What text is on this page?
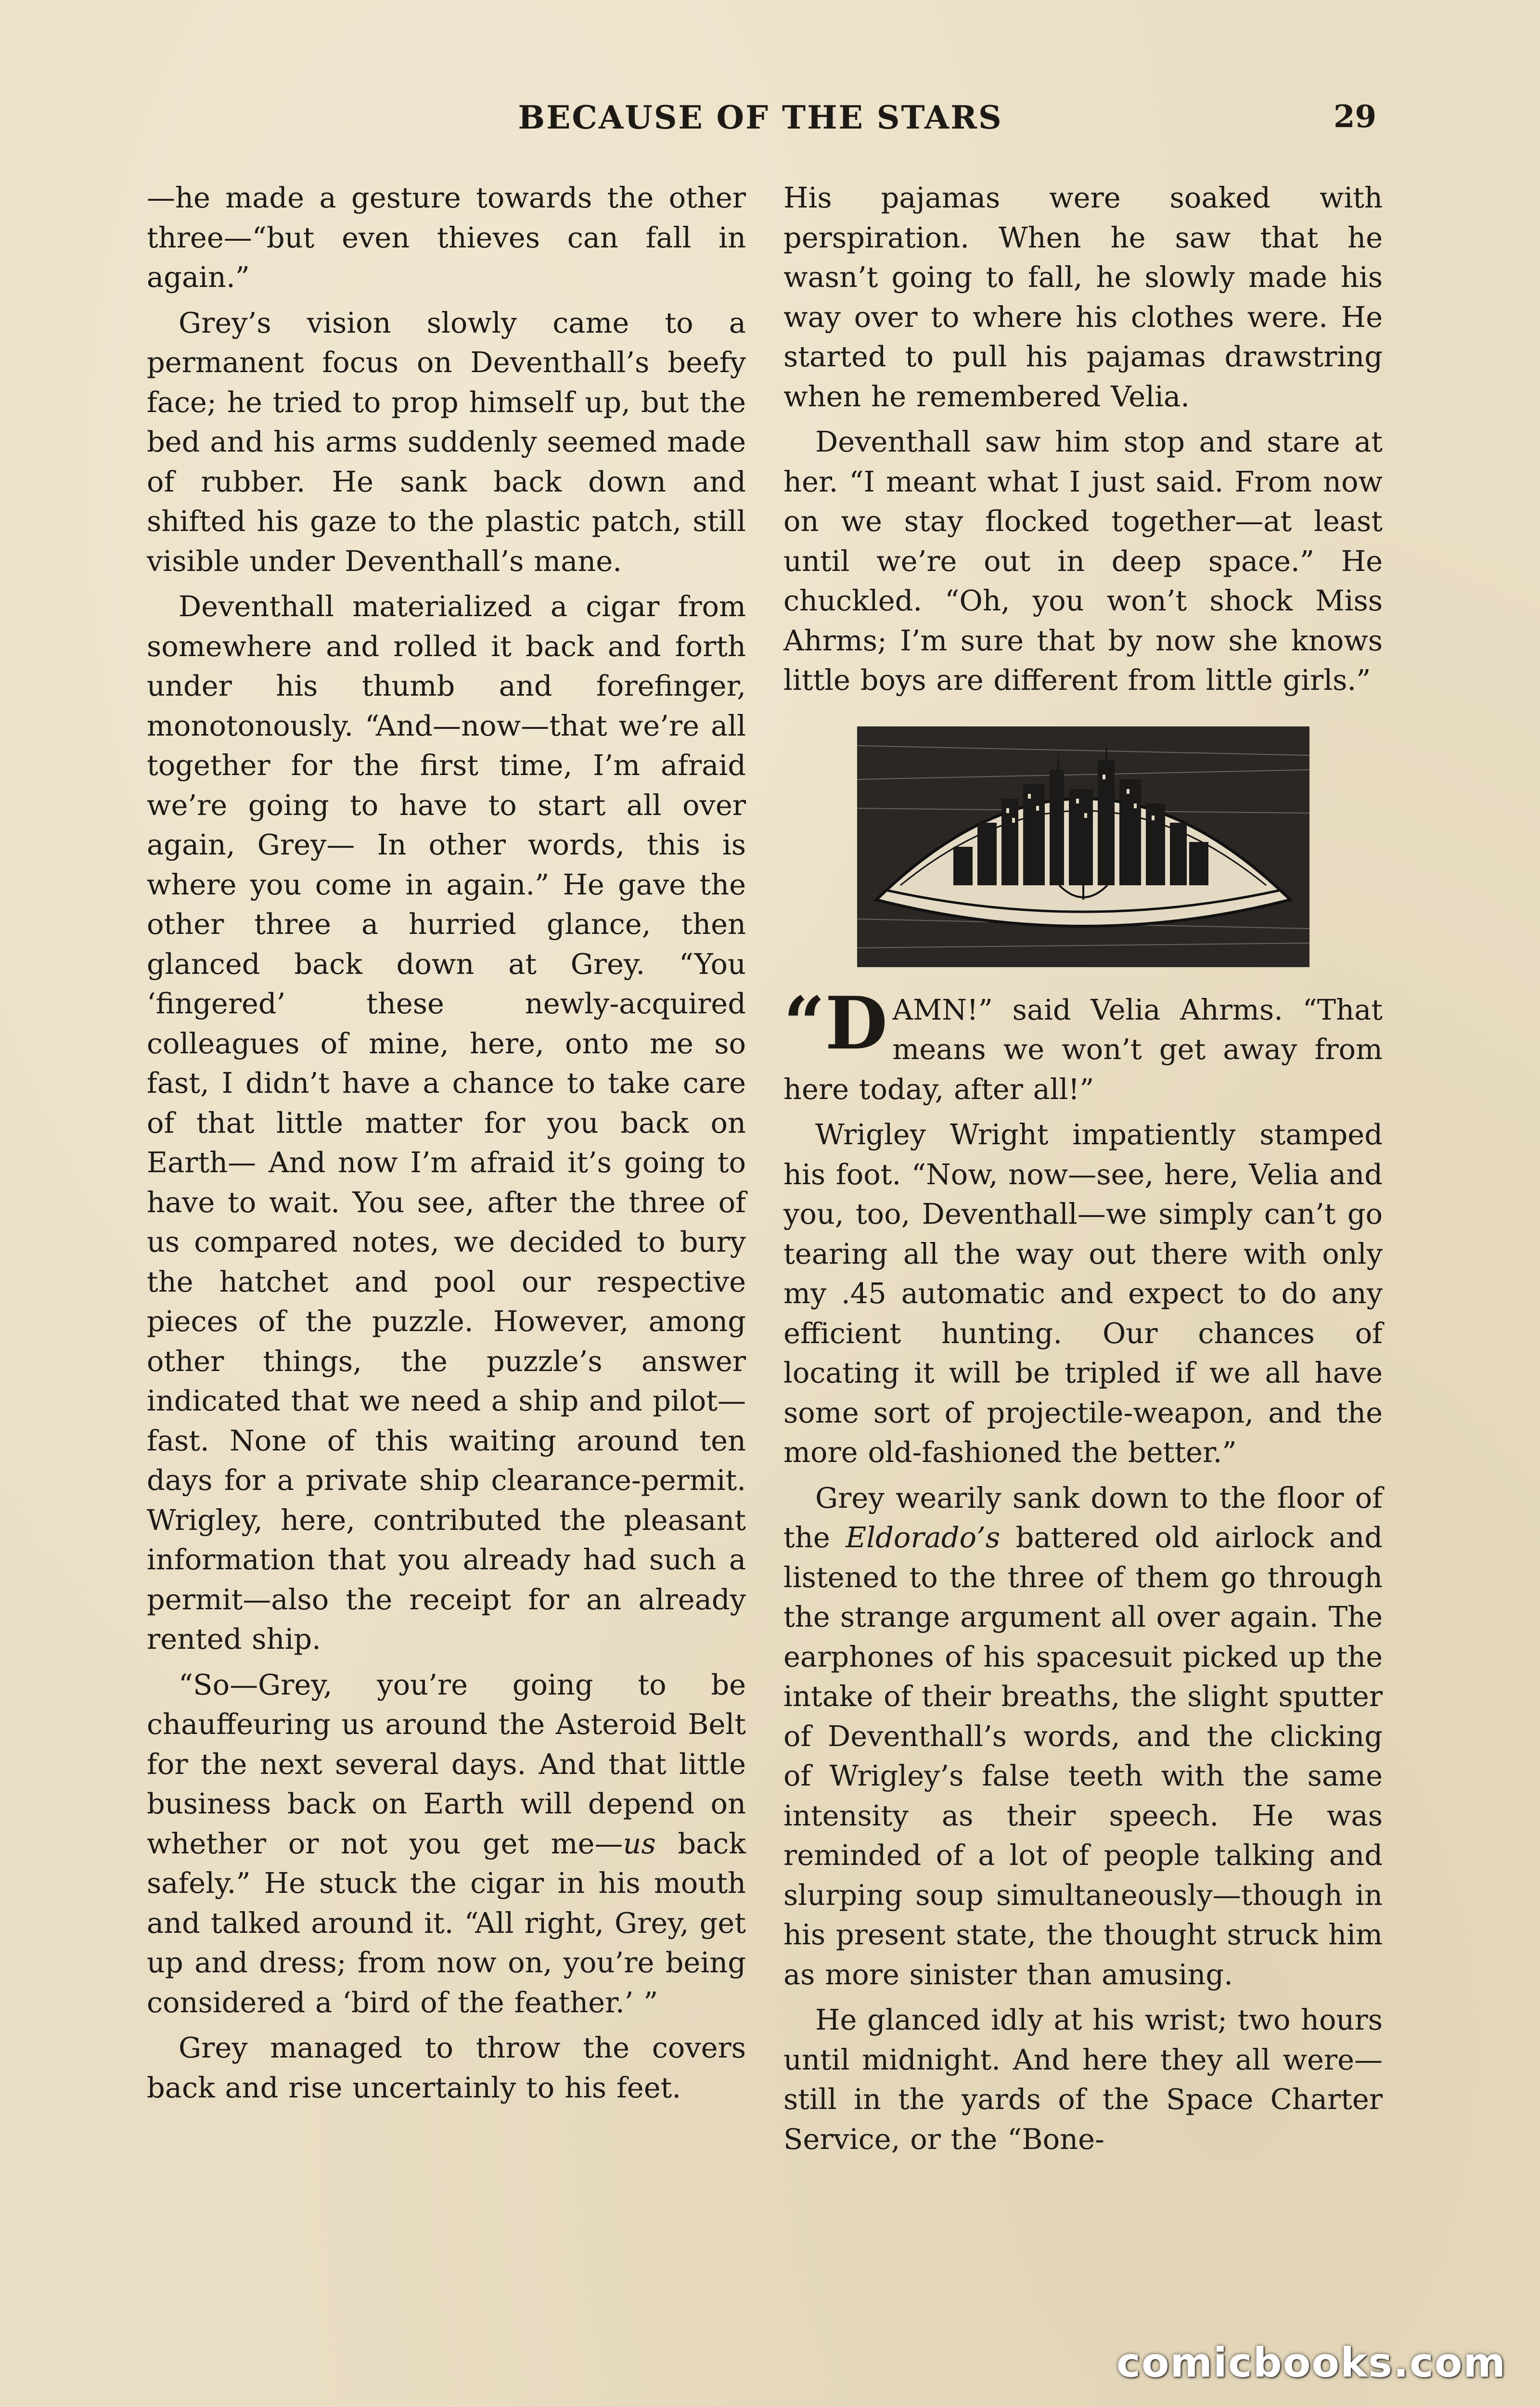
BECAUSE OF THE STARS	29

—he made a gesture towards the other three—“but even thieves can fall in again.”

Grey’s vision slowly came to a permanent focus on Deventhall’s beefy face; he tried to prop himself up, but the bed and his arms suddenly seemed made of rubber. He sank back down and shifted his gaze to the plastic patch, still visible under Deventhall’s mane.

Deventhall materialized a cigar from somewhere and rolled it back and forth under his thumb and forefinger, monotonously. “And—now—that we’re all together for the first time, I’m afraid we’re going to have to start all over again, Grey— In other words, this is where you come in again.” He gave the other three a hurried glance, then glanced back down at Grey. “You ‘fingered’ these newly-acquired colleagues of mine, here, onto me so fast, I didn’t have a chance to take care of that little matter for you back on Earth— And now I’m afraid it’s going to have to wait. You see, after the three of us compared notes, we decided to bury the hatchet and pool our respective pieces of the puzzle. However, among other things, the puzzle’s answer indicated that we need a ship and pilot—fast. None of this waiting around ten days for a private ship clearance-permit. Wrigley, here, contributed the pleasant information that you already had such a permit—also the receipt for an already rented ship.

“So—Grey, you’re going to be chauffeuring us around the Asteroid Belt for the next several days. And that little business back on Earth will depend on whether or not you get me—us back safely.” He stuck the cigar in his mouth and talked around it. “All right, Grey, get up and dress; from now on, you’re being considered a ‘bird of the feather.’ ”

Grey managed to throw the covers back and rise uncertainly to his feet.

His pajamas were soaked with perspiration. When he saw that he wasn’t going to fall, he slowly made his way over to where his clothes were. He started to pull his pajamas drawstring when he remembered Velia.

Deventhall saw him stop and stare at her. “I meant what I just said. From now on we stay flocked together—at least until we’re out in deep space.” He chuckled. “Oh, you won’t shock Miss Ahrms; I’m sure that by now she knows little boys are different from little girls.”

“DAMN!” said Velia Ahrms. “That means we won’t get away from here today, after all!”

Wrigley Wright impatiently stamped his foot. “Now, now—see, here, Velia and you, too, Deventhall—we simply can’t go tearing all the way out there with only my .45 automatic and expect to do any efficient hunting. Our chances of locating it will be tripled if we all have some sort of projectile-weapon, and the more old-fashioned the better.”

Grey wearily sank down to the floor of the Eldorado’s battered old airlock and listened to the three of them go through the strange argument all over again. The earphones of his spacesuit picked up the intake of their breaths, the slight sputter of Deventhall’s words, and the clicking of Wrigley’s false teeth with the same intensity as their speech. He was reminded of a lot of people talking and slurping soup simultaneously—though in his present state, the thought struck him as more sinister than amusing.

He glanced idly at his wrist; two hours until midnight. And here they all were—still in the yards of the Space Charter Service, or the “Bone-

comicbooks.com
